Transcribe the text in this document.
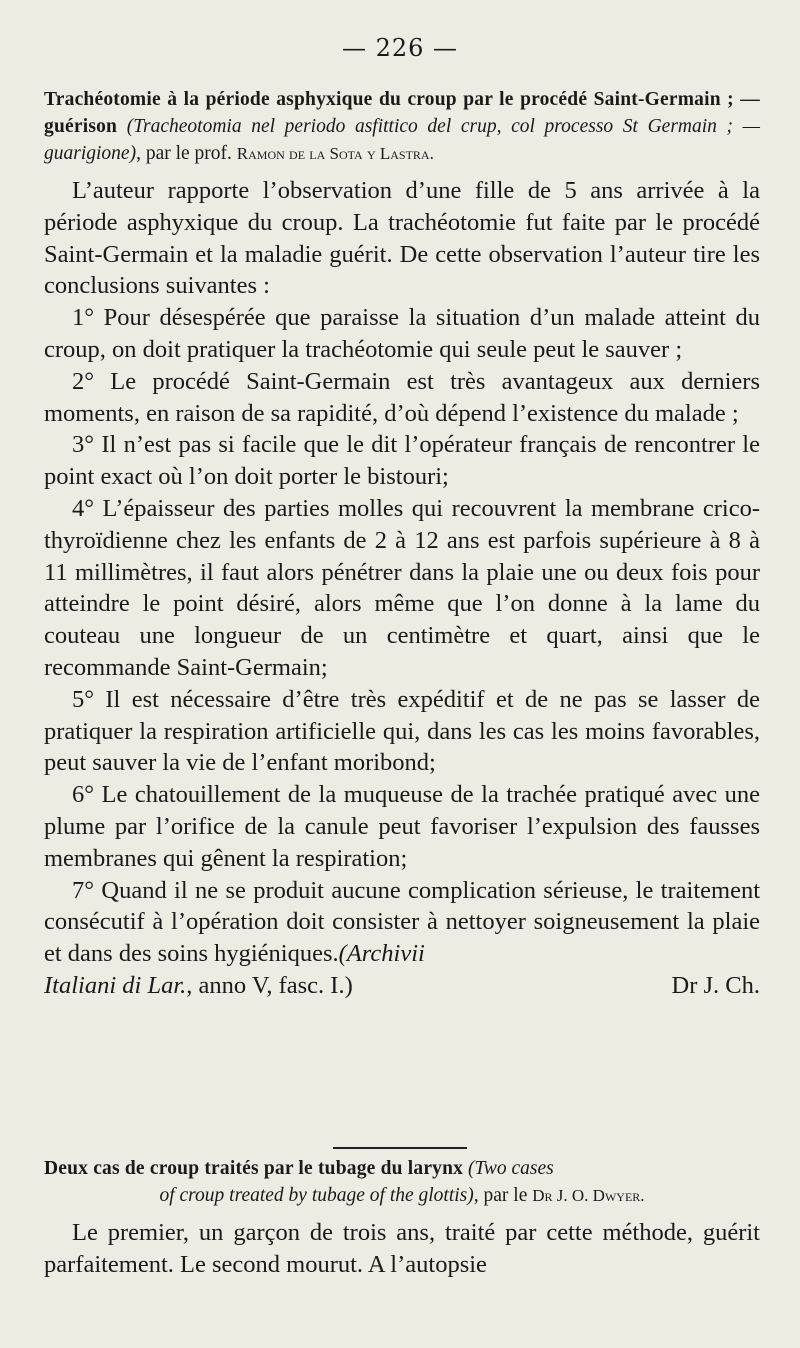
— 226 —

Trachéotomie à la période asphyxique du croup par le procédé Saint-Germain ; — guérison (Tracheotomia nel periodo asfittico del crup, col processo St Germain ; — guarigione), par le prof. Ramon de la Sota y Lastra.

L’auteur rapporte l’observation d’une fille de 5 ans arrivée à la période asphyxique du croup. La trachéotomie fut faite par le procédé Saint-Germain et la maladie guérit. De cette observation l’auteur tire les conclusions suivantes :

1° Pour désespérée que paraisse la situation d’un malade atteint du croup, on doit pratiquer la trachéotomie qui seule peut le sauver ;

2° Le procédé Saint-Germain est très avantageux aux derniers moments, en raison de sa rapidité, d’où dépend l’existence du malade ;

3° Il n’est pas si facile que le dit l’opérateur français de rencontrer le point exact où l’on doit porter le bistouri;

4° L’épaisseur des parties molles qui recouvrent la membrane crico-thyroïdienne chez les enfants de 2 à 12 ans est parfois supérieure à 8 à 11 millimètres, il faut alors pénétrer dans la plaie une ou deux fois pour atteindre le point désiré, alors même que l’on donne à la lame du couteau une longueur de un centimètre et quart, ainsi que le recommande Saint-Germain;

5° Il est nécessaire d’être très expéditif et de ne pas se lasser de pratiquer la respiration artificielle qui, dans les cas les moins favorables, peut sauver la vie de l’enfant moribond;

6° Le chatouillement de la muqueuse de la trachée pratiqué avec une plume par l’orifice de la canule peut favoriser l’expulsion des fausses membranes qui gênent la respiration;

7° Quand il ne se produit aucune complication sérieuse, le traitement consécutif à l’opération doit consister à nettoyer soigneusement la plaie et dans des soins hygiéniques.(Archivii

Italiani di Lar., anno V, fasc. I.)	Dr J. Ch.

Deux cas de croup traités par le tubage du larynx (Two cases

of croup treated by tubage of the glottis), par le Dr J. O. Dwyer.

Le premier, un garçon de trois ans, traité par cette méthode, guérit parfaitement. Le second mourut. A l’autopsie
